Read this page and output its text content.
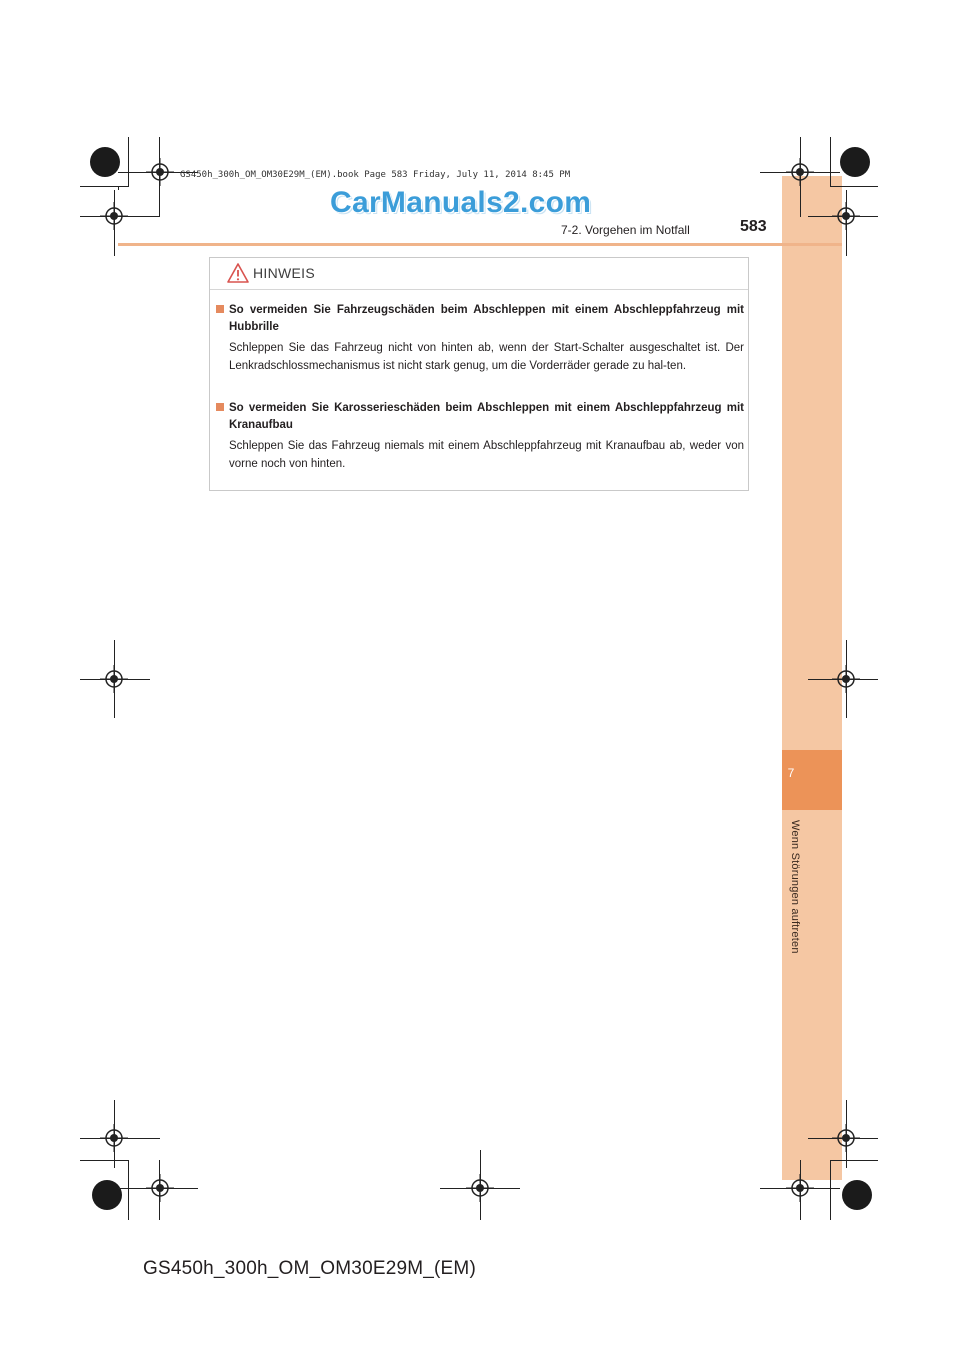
7
Wenn Störungen auftreten
GS450h_300h_OM_OM30E29M_(EM).book Page 583 Friday, July 11, 2014 8:45 PM
CarManuals2.com
7-2. Vorgehen im Notfall	583
HINWEIS
So vermeiden Sie Fahrzeugschäden beim Abschleppen mit einem Abschleppfahrzeug mit Hubbrille
Schleppen Sie das Fahrzeug nicht von hinten ab, wenn der Start-Schalter ausgeschaltet ist. Der Lenkradschlossmechanismus ist nicht stark genug, um die Vorderräder gerade zu hal-ten.
So vermeiden Sie Karosserieschäden beim Abschleppen mit einem Abschleppfahrzeug mit Kranaufbau
Schleppen Sie das Fahrzeug niemals mit einem Abschleppfahrzeug mit Kranaufbau ab, weder von vorne noch von hinten.
GS450h_300h_OM_OM30E29M_(EM)
